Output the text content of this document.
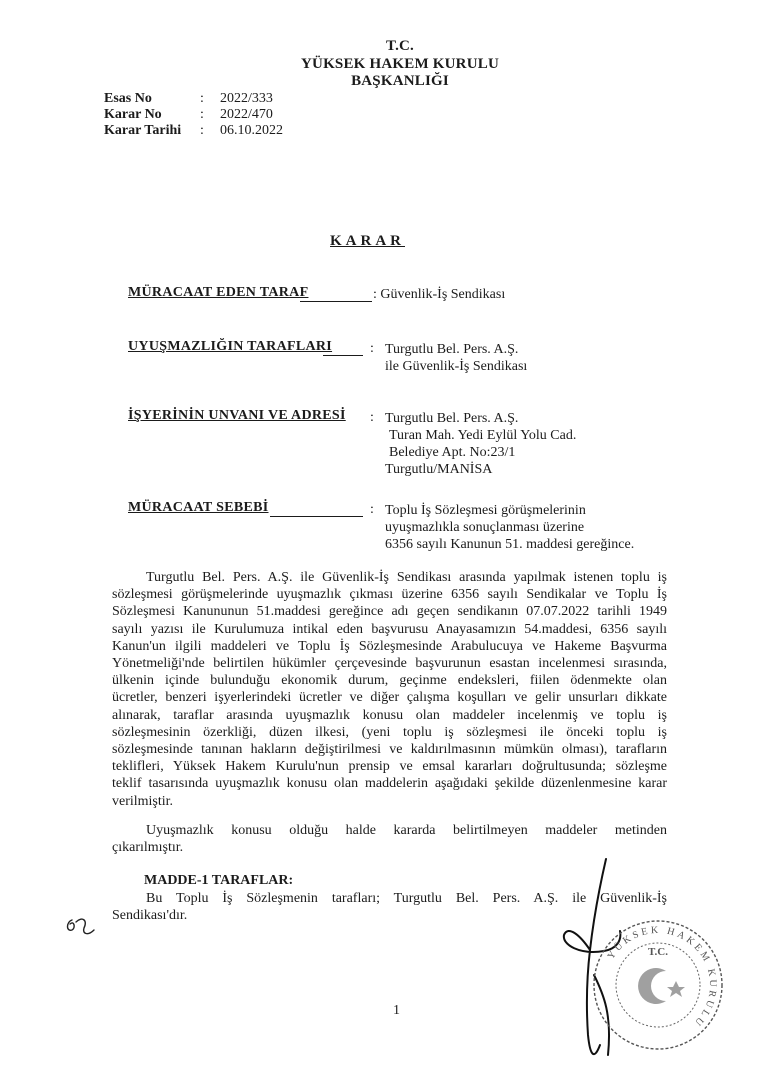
T.C.
YÜKSEK HAKEM KURULU
BAŞKANLIĞI
Esas No	: 2022/333
Karar No	: 2022/470
Karar Tarihi : 06.10.2022
KARAR
MÜRACAAT EDEN TARAF	: Güvenlik-İş Sendikası
UYUŞMAZLIĞIN TARAFLARI	: Turgutlu Bel. Pers. A.Ş.
ile Güvenlik-İş Sendikası
İŞYERİNİN UNVANI VE ADRESİ : Turgutlu Bel. Pers. A.Ş.
Turan Mah. Yedi Eylül Yolu Cad.
Belediye Apt. No:23/1
Turgutlu/MANİSA
MÜRACAAT SEBEBİ	: Toplu İş Sözleşmesi görüşmelerinin
uyuşmazlıkla sonuçlanması üzerine
6356 sayılı Kanunun 51. maddesi gereğince.
Turgutlu Bel. Pers. A.Ş. ile Güvenlik-İş Sendikası arasında yapılmak istenen toplu iş
sözleşmesi görüşmelerinde uyuşmazlık çıkması üzerine 6356 sayılı Sendikalar ve Toplu İş
Sözleşmesi Kanununun 51.maddesi gereğince adı geçen sendikanın 07.07.2022 tarihli 1949
sayılı yazısı ile Kurulumuza intikal eden başvurusu Anayasamızın 54.maddesi, 6356 sayılı
Kanun'un ilgili maddeleri ve Toplu İş Sözleşmesinde Arabulucuya ve Hakeme Başvurma
Yönetmeliği'nde belirtilen hükümler çerçevesinde başvurunun esastan incelenmesi sırasında,
ülkenin içinde bulunduğu ekonomik durum, geçinme endeksleri, fiilen ödenmekte olan
ücretler, benzeri işyerlerindeki ücretler ve diğer çalışma koşulları ve gelir unsurları dikkate
alınarak, taraflar arasında uyuşmazlık konusu olan maddeler incelenmiş ve toplu iş
sözleşmesinin özerkliği, düzen ilkesi, (yeni toplu iş sözleşmesi ile önceki toplu iş
sözleşmesinde tanınan hakların değiştirilmesi ve kaldırılmasının mümkün olması), tarafların
teklifleri, Yüksek Hakem Kurulu'nun prensip ve emsal kararları doğrultusunda; sözleşme
teklif tasarısında uyuşmazlık konusu olan maddelerin aşağıdaki şekilde düzenlenmesine karar
verilmiştir.
Uyuşmazlık konusu olduğu halde kararda belirtilmeyen maddeler metinden
çıkarılmıştır.
MADDE-1 TARAFLAR:
Bu Toplu İş Sözleşmenin tarafları; Turgutlu Bel. Pers. A.Ş. ile Güvenlik-İş
Sendikası'dır.
1
YÜKSEK HAKEM KURULU
T.C.
